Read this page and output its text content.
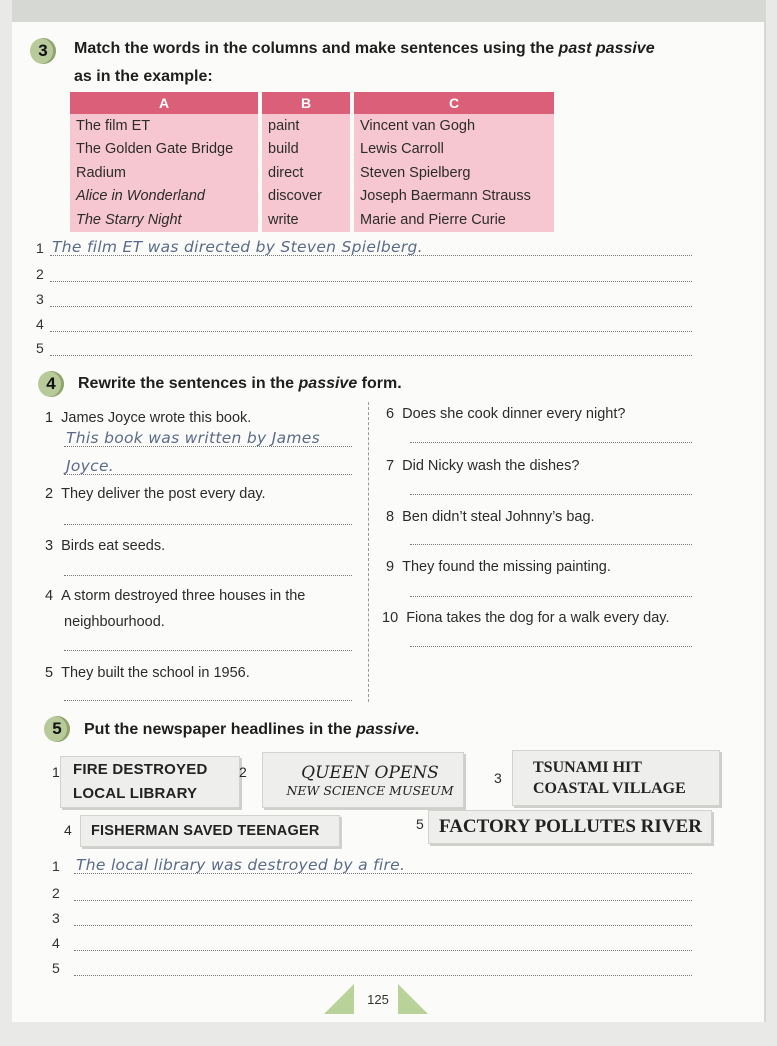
3	Match the words in the columns and make sentences using the past passive
as in the example:
A	B	C
The film ET	paint	Vincent van Gogh
The Golden Gate Bridge	build	Lewis Carroll
Radium	direct	Steven Spielberg
Alice in Wonderland	discover	Joseph Baermann Strauss
The Starry Night	write	Marie and Pierre Curie
1 The film ET was directed by Steven Spielberg.
2
3
4
5
4	Rewrite the sentences in the passive form.
1 James Joyce wrote this book.
This book was written by James
Joyce.
2 They deliver the post every day.
3 Birds eat seeds.
4 A storm destroyed three houses in the
neighbourhood.
5 They built the school in 1956.
6 Does she cook dinner every night?
7 Did Nicky wash the dishes?
8 Ben didn’t steal Johnny’s bag.
9 They found the missing painting.
10 Fiona takes the dog for a walk every day.
5	Put the newspaper headlines in the passive.
1 FIRE DESTROYED
LOCAL LIBRARY
2	QUEEN OPENS
NEW SCIENCE MUSEUM
3
TSUNAMI HIT
COASTAL VILLAGE
4 FISHERMAN SAVED TEENAGER	5 FACTORY POLLUTES RIVER
1	The local library was destroyed by a fire.
2
3
4
5
125
